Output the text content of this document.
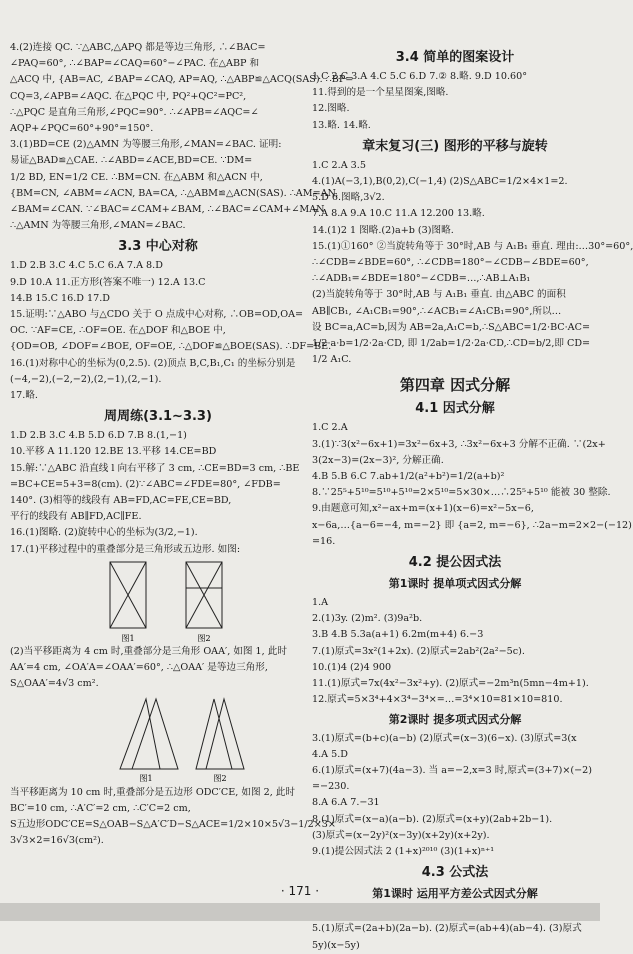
4.(2)连接 QC. ∵△ABC,△APQ 都是等边三角形, ∴∠BAC=
∠PAQ=60°, ∴∠BAP=∠CAQ=60°−∠PAC. 在△ABP 和
△ACQ 中, {AB=AC, ∠BAP=∠CAQ, AP=AQ, ∴△ABP≌△ACQ(SAS). ∴BP=
CQ=3,∠APB=∠AQC. 在△PQC 中, PQ²+QC²=PC²,
∴△PQC 是直角三角形,∠PQC=90°. ∴∠APB=∠AQC=∠
AQP+∠PQC=60°+90°=150°.
3.(1)BD=CE (2)△AMN 为等腰三角形,∠MAN=∠BAC. 证明:
易证△BAD≌△CAE. ∴∠ABD=∠ACE,BD=CE. ∵DM=
1/2 BD, EN=1/2 CE. ∴BM=CN. 在△ABM 和△ACN 中,
{BM=CN, ∠ABM=∠ACN, BA=CA, ∴△ABM≌△ACN(SAS). ∴AM=AN,
∠BAM=∠CAN. ∵∠BAC=∠CAM+∠BAM, ∴∠BAC=∠CAM+∠MAN.
∴△AMN 为等腰三角形,∠MAN=∠BAC.
3.3 中心对称
1.D 2.B 3.C 4.C 5.C 6.A 7.A 8.D
9.D 10.A 11.正方形(答案不唯一) 12.A 13.C
14.B 15.C 16.D 17.D
15.证明:∵△ABO 与△CDO 关于 O 点成中心对称, ∴OB=OD,OA=
OC. ∵AF=CE, ∴OF=OE. 在△DOF 和△BOE 中,
{OD=OB, ∠DOF=∠BOE, OF=OE, ∴△DOF≌△BOE(SAS). ∴DF=BE.
16.(1)对称中心的坐标为(0,2.5). (2)顶点 B,C,B₁,C₁ 的坐标分别是
(−4,−2),(−2,−2),(2,−1),(2,−1).
17.略.
周周练(3.1∼3.3)
1.D 2.B 3.C 4.B 5.D 6.D 7.B 8.(1,−1)
10.平移 A 11.120 12.BE 13.平移 14.CE=BD
15.解:∵△ABC 沿直线 l 向右平移了 3 cm, ∴CE=BD=3 cm, ∴BE
=BC+CE=5+3=8(cm). (2)∵∠ABC=∠FDE=80°, ∠FDB=
140°. (3)相等的线段有 AB=FD,AC=FE,CE=BD,
平行的线段有 AB∥FD,AC∥FE.
16.(1)图略. (2)旋转中心的坐标为(3/2,−1).
17.(1)平移过程中的重叠部分是三角形或五边形. 如图:
图1	图2
(2)当平移距离为 4 cm 时,重叠部分是三角形 OAA′, 如图 1, 此时
AA′=4 cm, ∠OA′A=∠OAA′=60°, ∴△OAA′ 是等边三角形,
S△OAA′=4√3 cm².
图1	图2
当平移距离为 10 cm 时,重叠部分是五边形 ODC′CE, 如图 2, 此时
BC′=10 cm, ∴A′C′=2 cm, ∴C′C=2 cm,
S五边形ODC′CE=S△OAB−S△A′C′D−S△ACE=1/2×10×5√3−1/2×3×
3√3×2=16√3(cm²).
3.4 简单的图案设计
1.C 2.C 3.A 4.C 5.C 6.D 7.② 8.略. 9.D 10.60°
11.得到的是一个星星图案,图略.
12.图略.
13.略. 14.略.
章末复习(三) 图形的平移与旋转
1.C 2.A 3.5
4.(1)A(−3,1),B(0,2),C(−1,4) (2)S△ABC=1/2×4×1=2.
5.D 6.图略,3√2.
7.A 8.A 9.A 10.C 11.A 12.200 13.略.
14.(1)2 1 图略.(2)a+b (3)图略.
15.(1)①160° ②当旋转角等于 30°时,AB 与 A₁B₁ 垂直. 理由:…30°=60°,
∴∠CDB=∠BDE=60°, ∴∠CDB=180°−∠CDB−∠BDE=60°,
∴∠ADB₁=∠BDE=180°−∠CDB=…,∴AB⊥A₁B₁
(2)当旋转角等于 30°时,AB 与 A₁B₁ 垂直. 由△ABC 的面积
AB∥CB₁, ∠A₁CB₁=90°,∴∠ACB₁=∠A₁CB₁=90°,所以…
设 BC=a,AC=b,因为 AB=2a,A₁C=b,∴S△ABC=1/2·BC·AC=
1/2·a·b=1/2·2a·CD, 即 1/2ab=1/2·2a·CD,∴CD=b/2,即 CD=
1/2 A₁C.
第四章 因式分解
4.1 因式分解
1.C 2.A
3.(1)∵3(x²−6x+1)=3x²−6x+3, ∴3x²−6x+3 分解不正确. ∵(2x+
3(2x−3)=(2x−3)², 分解正确.
4.B 5.B 6.C 7.ab+1/2(a²+b²)=1/2(a+b)²
8.∵25⁵+5¹⁰=5¹⁰+5¹⁰=2×5¹⁰=5×30×…∴25⁵+5¹⁰ 能被 30 整除.
9.由题意可知,x²−ax+m=(x+1)(x−6)=x²−5x−6,
x−6a,…{a−6=−4, m=−2} 即 {a=2, m=−6}, ∴2a−m=2×2−(−12)
=16.
4.2 提公因式法
第1课时 提单项式因式分解
1.A
2.(1)3y. (2)m². (3)9a²b.
3.B 4.B 5.3a(a+1) 6.2m(m+4) 6.−3
7.(1)原式=3x²(1+2x). (2)原式=2ab²(2a²−5c).
10.(1)4 (2)4 900
11.(1)原式=7x(4x²−3x²+y). (2)原式=−2m³n(5mn−4m+1).
12.原式=5×3⁴+4×3⁴−3⁴×=…=3⁴×10=81×10=810.
第2课时 提多项式因式分解
3.(1)原式=(b+c)(a−b) (2)原式=(x−3)(6−x). (3)原式=3(x
4.A 5.D
6.(1)原式=(x+7)(4a−3). 当 a=−2,x=3 时,原式=(3+7)×(−2)
=−230.
8.A 6.A 7.−31
8.(1)原式=(x−a)(a−b). (2)原式=(x+y)(2ab+2b−1).
(3)原式=(x−2y)²(x−3y)(x+2y)(x+2y).
9.(1)提公因式法 2 (1+x)²⁰¹⁰ (3)(1+x)ⁿ⁺¹
4.3 公式法
第1课时 运用平方差公式因式分解
5.(1)原式=(2a+b)(2a−b). (2)原式=(ab+4)(ab−4). (3)原式
5y)(x−5y)
· 171 ·
